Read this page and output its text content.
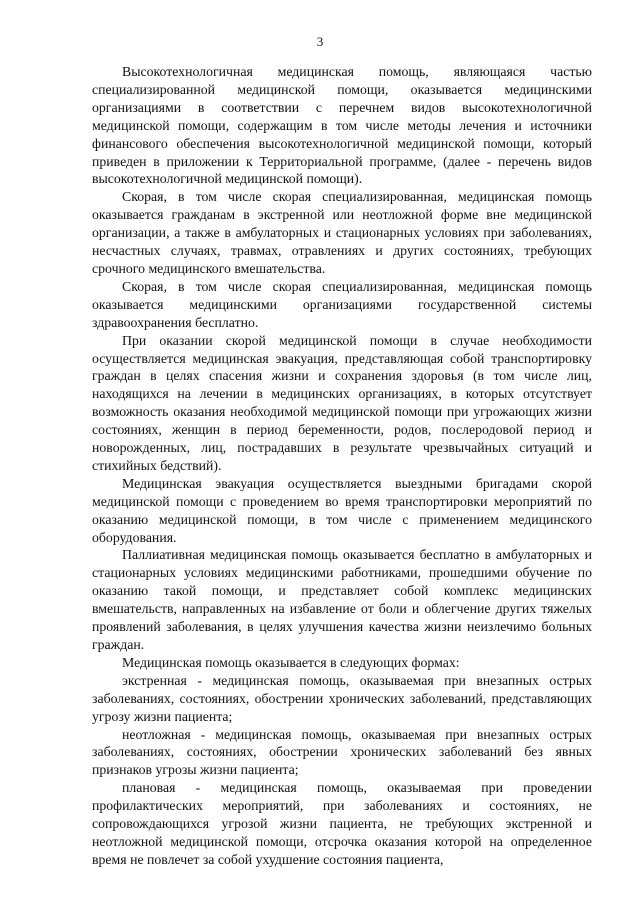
3

Высокотехнологичная медицинская помощь, являющаяся частью специализированной медицинской помощи, оказывается медицинскими организациями в соответствии с перечнем видов высокотехнологичной медицинской помощи, содержащим в том числе методы лечения и источники финансового обеспечения высокотехнологичной медицинской помощи, который приведен в приложении к Территориальной программе, (далее - перечень видов высокотехнологичной медицинской помощи).

Скорая, в том числе скорая специализированная, медицинская помощь оказывается гражданам в экстренной или неотложной форме вне медицинской организации, а также в амбулаторных и стационарных условиях при заболеваниях, несчастных случаях, травмах, отравлениях и других состояниях, требующих срочного медицинского вмешательства.

Скорая, в том числе скорая специализированная, медицинская помощь оказывается медицинскими организациями государственной системы здравоохранения бесплатно.

При оказании скорой медицинской помощи в случае необходимости осуществляется медицинская эвакуация, представляющая собой транспортировку граждан в целях спасения жизни и сохранения здоровья (в том числе лиц, находящихся на лечении в медицинских организациях, в которых отсутствует возможность оказания необходимой медицинской помощи при угрожающих жизни состояниях, женщин в период беременности, родов, послеродовой период и новорожденных, лиц, пострадавших в результате чрезвычайных ситуаций и стихийных бедствий).

Медицинская эвакуация осуществляется выездными бригадами скорой медицинской помощи с проведением во время транспортировки мероприятий по оказанию медицинской помощи, в том числе с применением медицинского оборудования.

Паллиативная медицинская помощь оказывается бесплатно в амбулаторных и стационарных условиях медицинскими работниками, прошедшими обучение по оказанию такой помощи, и представляет собой комплекс медицинских вмешательств, направленных на избавление от боли и облегчение других тяжелых проявлений заболевания, в целях улучшения качества жизни неизлечимо больных граждан.

Медицинская помощь оказывается в следующих формах:

экстренная - медицинская помощь, оказываемая при внезапных острых заболеваниях, состояниях, обострении хронических заболеваний, представляющих угрозу жизни пациента;

неотложная - медицинская помощь, оказываемая при внезапных острых заболеваниях, состояниях, обострении хронических заболеваний без явных признаков угрозы жизни пациента;

плановая - медицинская помощь, оказываемая при проведении профилактических мероприятий, при заболеваниях и состояниях, не сопровождающихся угрозой жизни пациента, не требующих экстренной и неотложной медицинской помощи, отсрочка оказания которой на определенное время не повлечет за собой ухудшение состояния пациента,
